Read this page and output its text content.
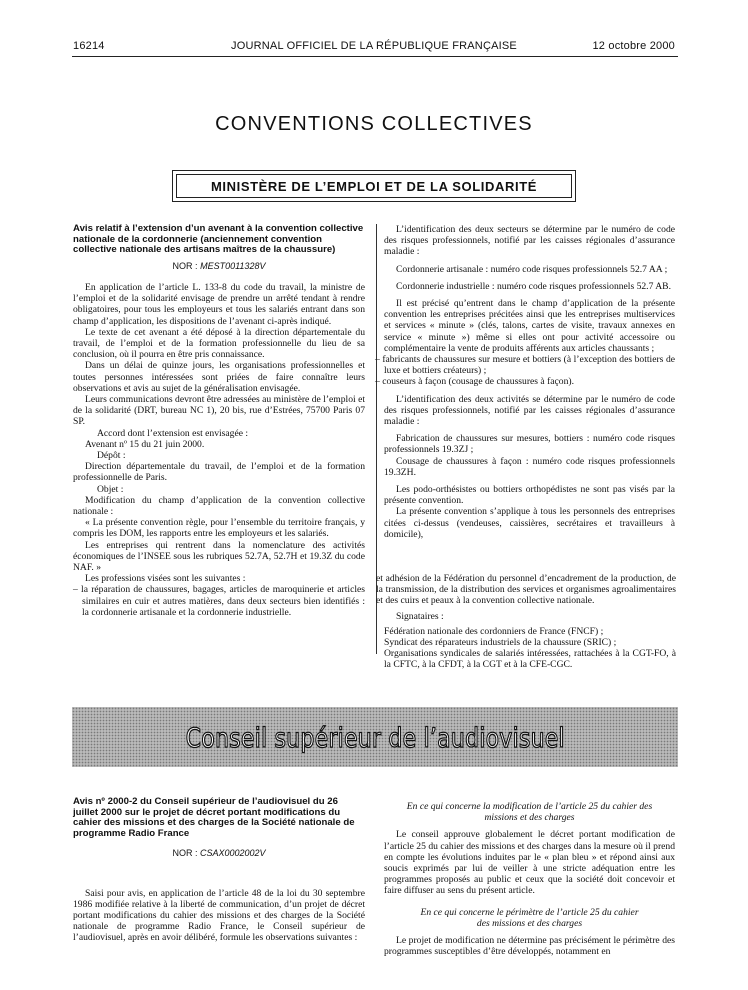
16214	JOURNAL OFFICIEL DE LA RÉPUBLIQUE FRANÇAISE	12 octobre 2000
CONVENTIONS COLLECTIVES
MINISTÈRE DE L’EMPLOI ET DE LA SOLIDARITÉ

Avis relatif à l’extension d’un avenant à la convention collective nationale de la cordonnerie (anciennement convention collective nationale des artisans maîtres de la chaussure)

NOR : MESТ0011328V

En application de l’article L. 133-8 du code du travail, la ministre de l’emploi et de la solidarité envisage de prendre un arrêté tendant à rendre obligatoires, pour tous les employeurs et tous les salariés entrant dans son champ d’application, les dispositions de l’avenant ci-après indiqué.

Le texte de cet avenant a été déposé à la direction départementale du travail, de l’emploi et de la formation professionnelle du lieu de sa conclusion, où il pourra en être pris connaissance.

Dans un délai de quinze jours, les organisations professionnelles et toutes personnes intéressées sont priées de faire connaître leurs observations et avis au sujet de la généralisation envisagée.

Leurs communications devront être adressées au ministère de l’emploi et de la solidarité (DRT, bureau NC 1), 20 bis, rue d’Estrées, 75700 Paris 07 SP.

Accord dont l’extension est envisagée :

Avenant nº 15 du 21 juin 2000.

Dépôt :

Direction départementale du travail, de l’emploi et de la formation professionnelle de Paris.

Objet :

Modification du champ d’application de la convention collective nationale :

« La présente convention règle, pour l’ensemble du territoire français, y compris les DOM, les rapports entre les employeurs et les salariés.

Les entreprises qui rentrent dans la nomenclature des activités économiques de l’INSEE sous les rubriques 52.7A, 52.7H et 19.3Z du code NAF. »

Les professions visées sont les suivantes :

– la réparation de chaussures, bagages, articles de maroquinerie et articles similaires en cuir et autres matières, dans deux secteurs bien identifiés : la cordonnerie artisanale et la cordonnerie industrielle.

L’identification des deux secteurs se détermine par le numéro de code des risques professionnels, notifié par les caisses régionales d’assurance maladie :

Cordonnerie artisanale : numéro code risques professionnels 52.7 AA ;

Cordonnerie industrielle : numéro code risques professionnels 52.7 AB.

Il est précisé qu’entrent dans le champ d’application de la présente convention les entreprises précitées ainsi que les entreprises multiservices et services « minute » (clés, talons, cartes de visite, travaux annexes en service « minute ») même si elles ont pour activité accessoire ou complémentaire la vente de produits afférents aux articles chaussants ;

– fabricants de chaussures sur mesure et bottiers (à l’exception des bottiers de luxe et bottiers créateurs) ;

– couseurs à façon (cousage de chaussures à façon).

L’identification des deux activités se détermine par le numéro de code des risques professionnels, notifié par les caisses régionales d’assurance maladie :

Fabrication de chaussures sur mesures, bottiers : numéro code risques professionnels 19.3ZJ ;

Cousage de chaussures à façon : numéro code risques professionnels 19.3ZH.

Les podo-orthésistes ou bottiers orthopédistes ne sont pas visés par la présente convention.

La présente convention s’applique à tous les personnels des entreprises citées ci-dessus (vendeuses, caissières, secrétaires et travailleurs à domicile),

et adhésion de la Fédération du personnel d’encadrement de la production, de la transmission, de la distribution des services et organismes agroalimentaires et des cuirs et peaux à la convention collective nationale.

Signataires :

Fédération nationale des cordonniers de France (FNCF) ;

Syndicat des réparateurs industriels de la chaussure (SRIC) ;

Organisations syndicales de salariés intéressées, rattachées à la CGT-FO, à la CFTC, à la CFDT, à la CGT et à la CFE-CGC.

Conseil supérieur de l’audiovisuel

Avis nº 2000-2 du Conseil supérieur de l’audiovisuel du 26 juillet 2000 sur le projet de décret portant modifications du cahier des missions et des charges de la Société nationale de programme Radio France

NOR : CSAX0002002V

Saisi pour avis, en application de l’article 48 de la loi du 30 septembre 1986 modifiée relative à la liberté de communication, d’un projet de décret portant modifications du cahier des missions et des charges de la Société nationale de programme Radio France, le Conseil supérieur de l’audiovisuel, après en avoir délibéré, formule les observations suivantes :

En ce qui concerne la modification de l’article 25 du cahier des missions et des charges

Le conseil approuve globalement le décret portant modification de l’article 25 du cahier des missions et des charges dans la mesure où il prend en compte les évolutions induites par le « plan bleu » et répond ainsi aux soucis exprimés par lui de veiller à une stricte adéquation entre les programmes proposés au public et ceux que la société doit concevoir et faire diffuser au sens du présent article.

En ce qui concerne le périmètre de l’article 25 du cahier des missions et des charges

Le projet de modification ne détermine pas précisément le périmètre des programmes susceptibles d’être développés, notamment en
